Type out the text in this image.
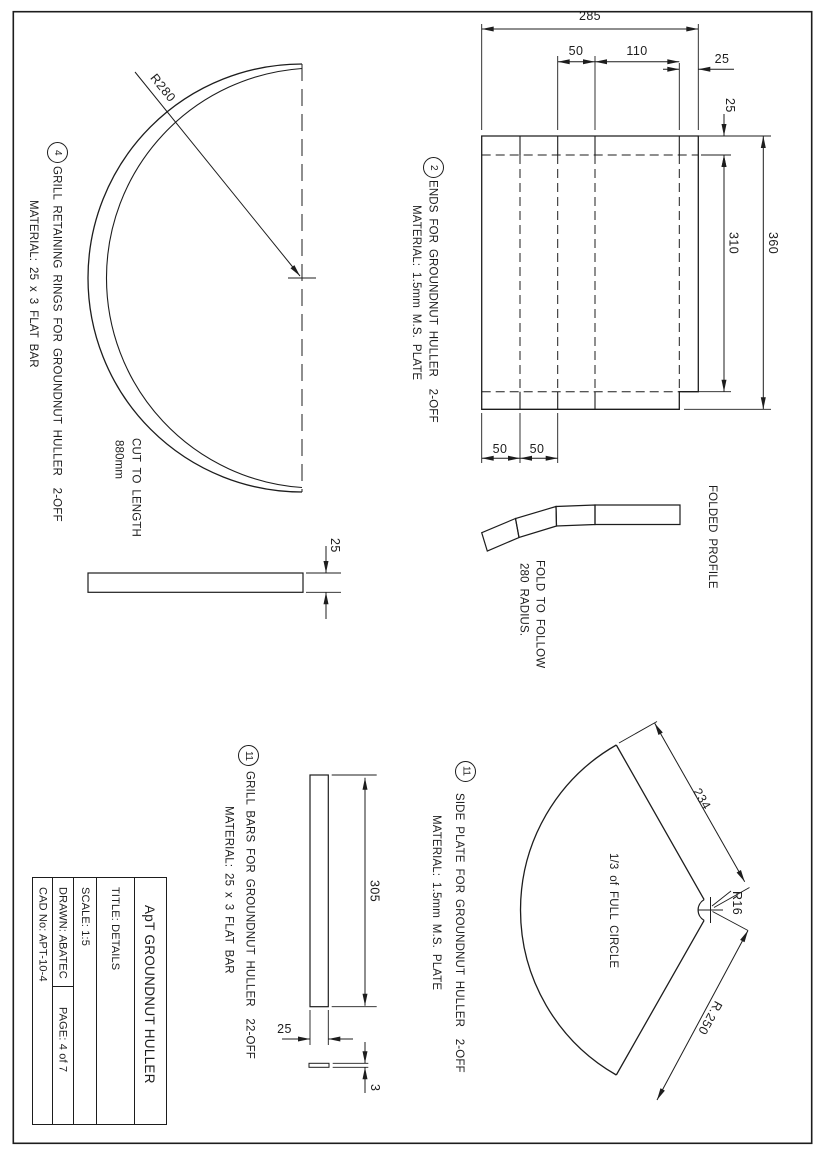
4
GRILL RETAINING RINGS FOR GROUNDNUT HULLER  2-OFF
MATERIAL: 25 x 3 FLAT BAR
CUT TO LENGTH
880mm
R280
25
2
ENDS FOR GROUNDNUT HULLER  2-OFF
MATERIAL: 1.5mm M.S. PLATE
285
50	110
25
25
310 360
50 50
FOLDED PROFILE
FOLD TO FOLLOW
280 RADIUS.
11
SIDE PLATE FOR GROUNDNUT HULLER  2-OFF
MATERIAL: 1.5mm M.S. PLATE	1/3 of FULL CIRCLE
234
R16
R.250
11
GRILL BARS FOR GROUNDNUT HULLER  22-OFF
MATERIAL: 25 x 3 FLAT BAR	305
25
3
CAD No: APT-10-4 DRAWN: ABATEC
PAGE: 4 of 7
SCALE: 1:5 TITLE: DETAILS ApT GROUNDNUT HULLER
